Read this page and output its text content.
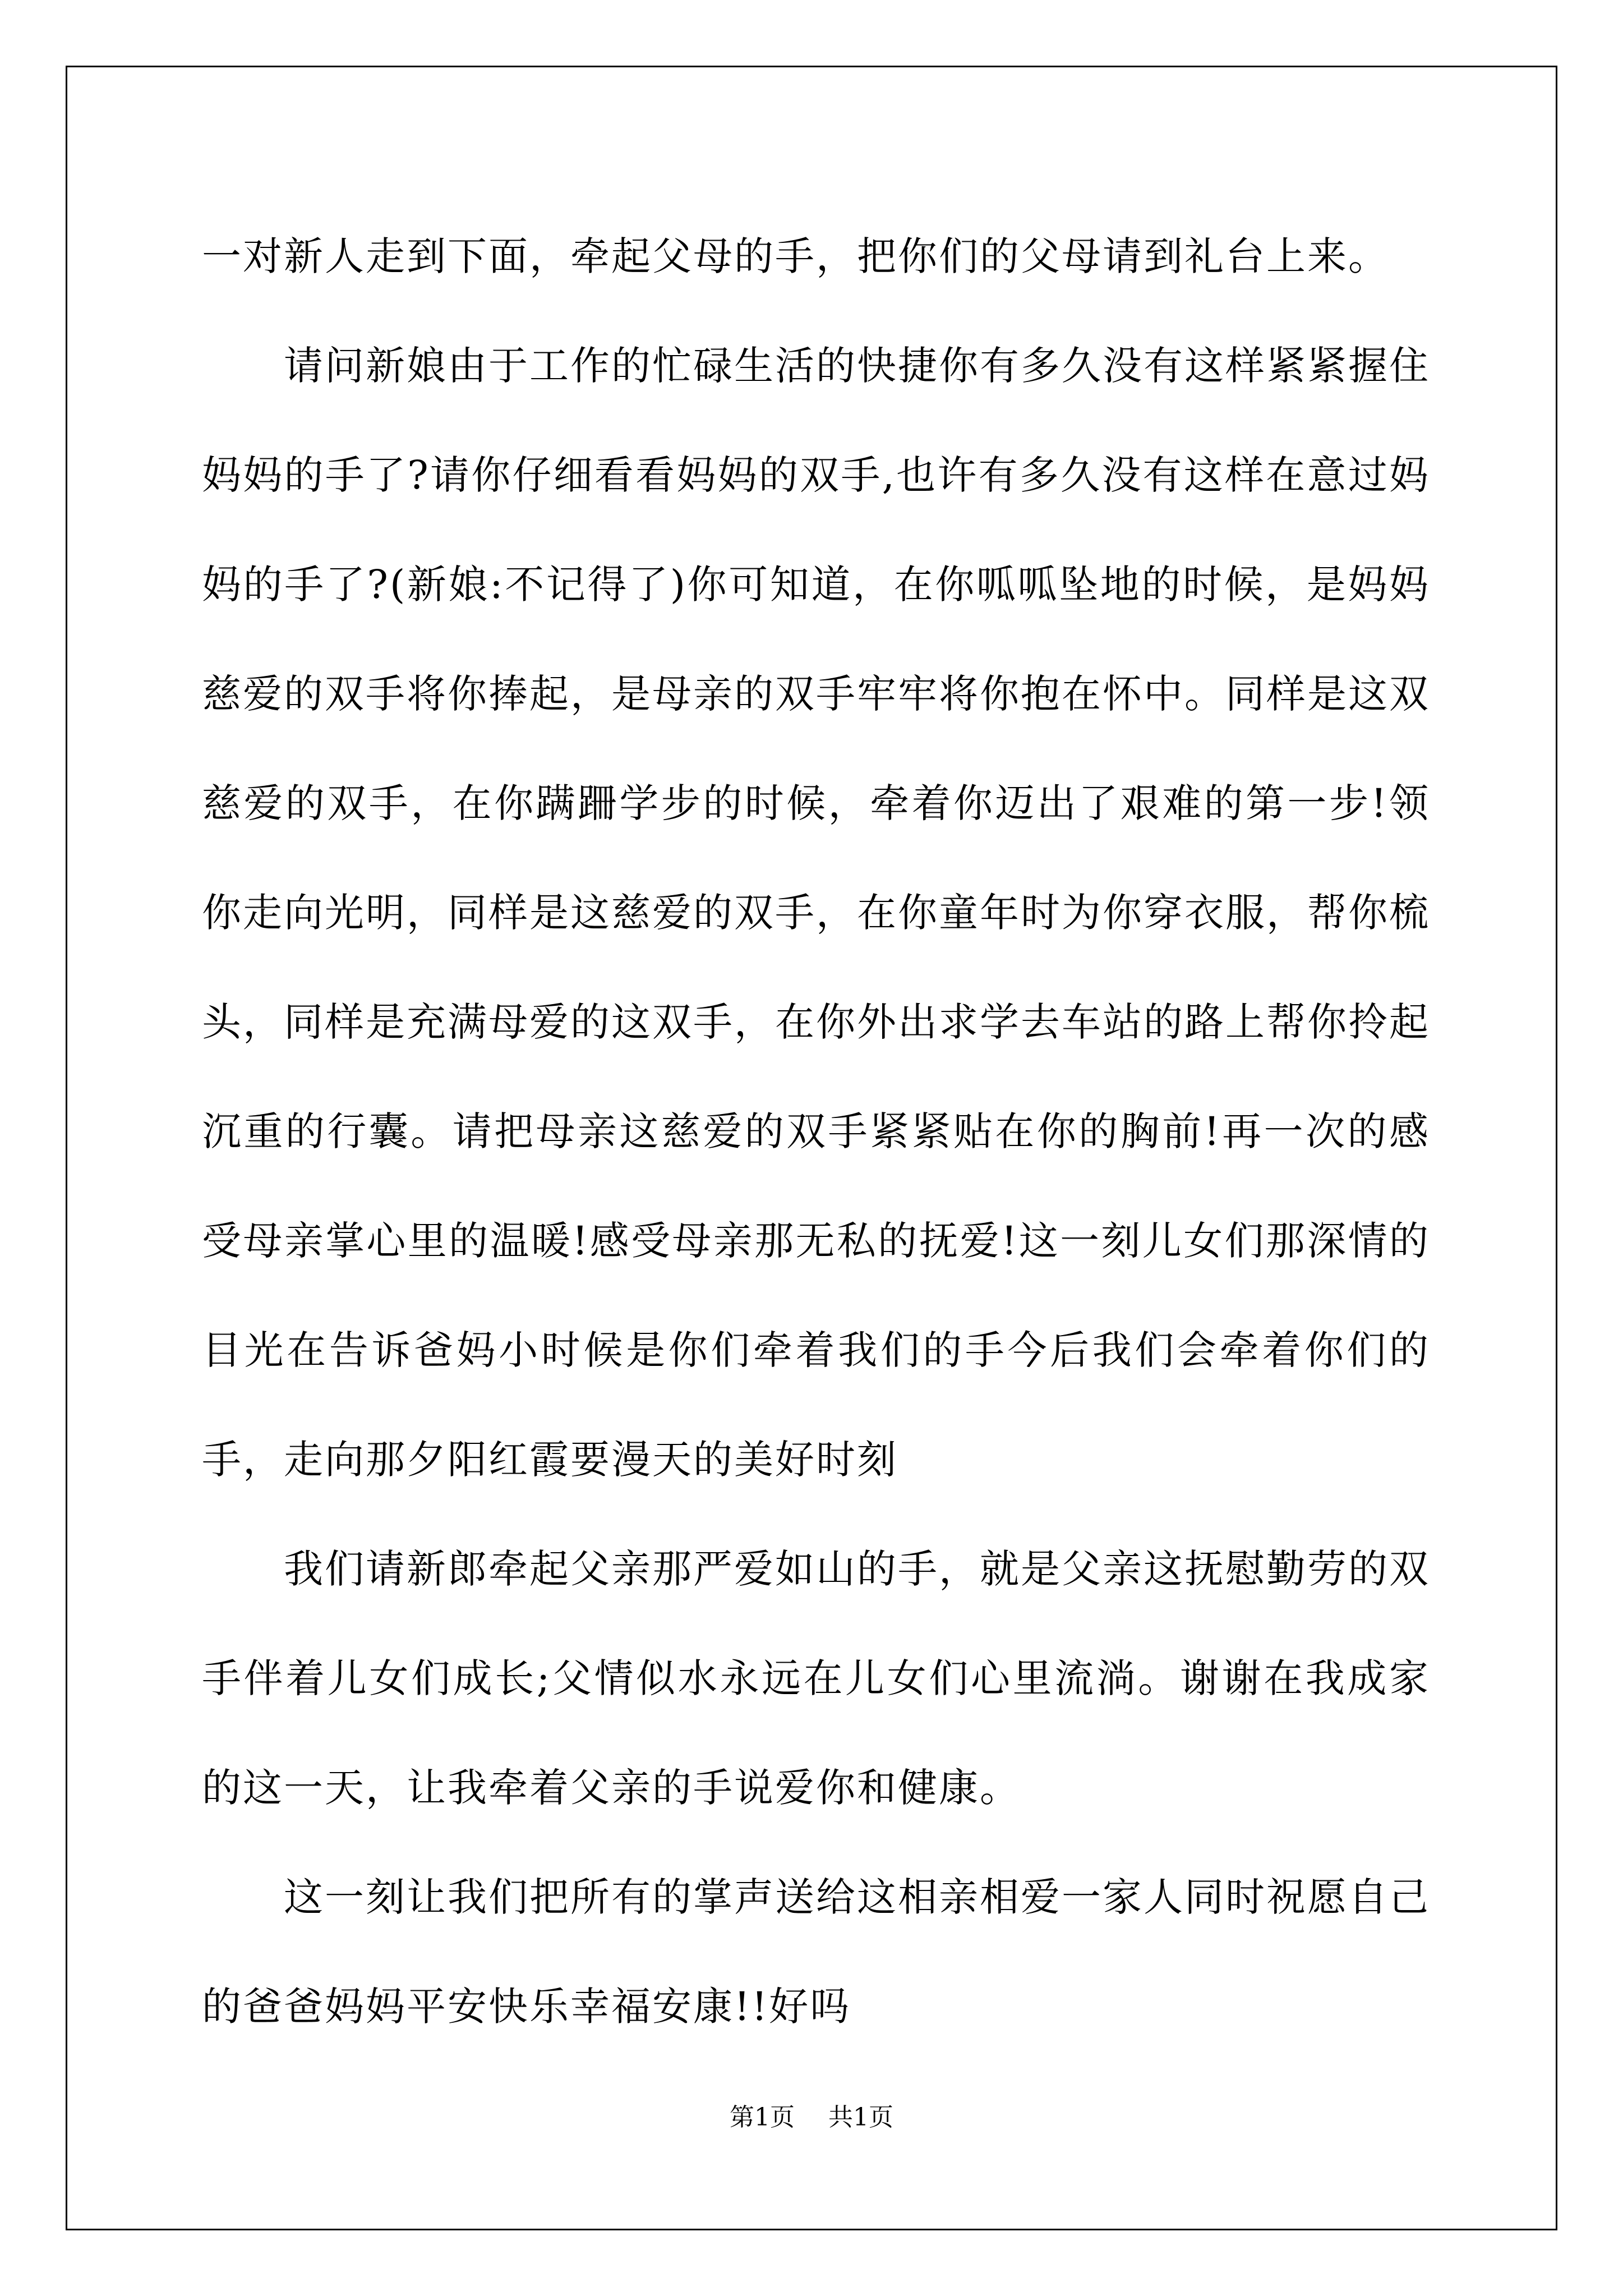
一对新人走到下面，牵起父母的手，把你们的父母请到礼台上来。

请问新娘由于工作的忙碌生活的快捷你有多久没有这样紧紧握住妈妈的手了?请你仔细看看妈妈的双手,也许有多久没有这样在意过妈妈的手了?(新娘:不记得了)你可知道，在你呱呱坠地的时候，是妈妈慈爱的双手将你捧起，是母亲的双手牢牢将你抱在怀中。同样是这双慈爱的双手，在你蹒跚学步的时候，牵着你迈出了艰难的第一步!领你走向光明，同样是这慈爱的双手，在你童年时为你穿衣服，帮你梳头，同样是充满母爱的这双手，在你外出求学去车站的路上帮你拎起沉重的行囊。请把母亲这慈爱的双手紧紧贴在你的胸前!再一次的感受母亲掌心里的温暖!感受母亲那无私的抚爱!这一刻儿女们那深情的目光在告诉爸妈小时候是你们牵着我们的手今后我们会牵着你们的手，走向那夕阳红霞要漫天的美好时刻

我们请新郎牵起父亲那严爱如山的手，就是父亲这抚慰勤劳的双手伴着儿女们成长;父情似水永远在儿女们心里流淌。谢谢在我成家的这一天，让我牵着父亲的手说爱你和健康。

这一刻让我们把所有的掌声送给这相亲相爱一家人同时祝愿自己的爸爸妈妈平安快乐幸福安康!!好吗

第1页 共1页
